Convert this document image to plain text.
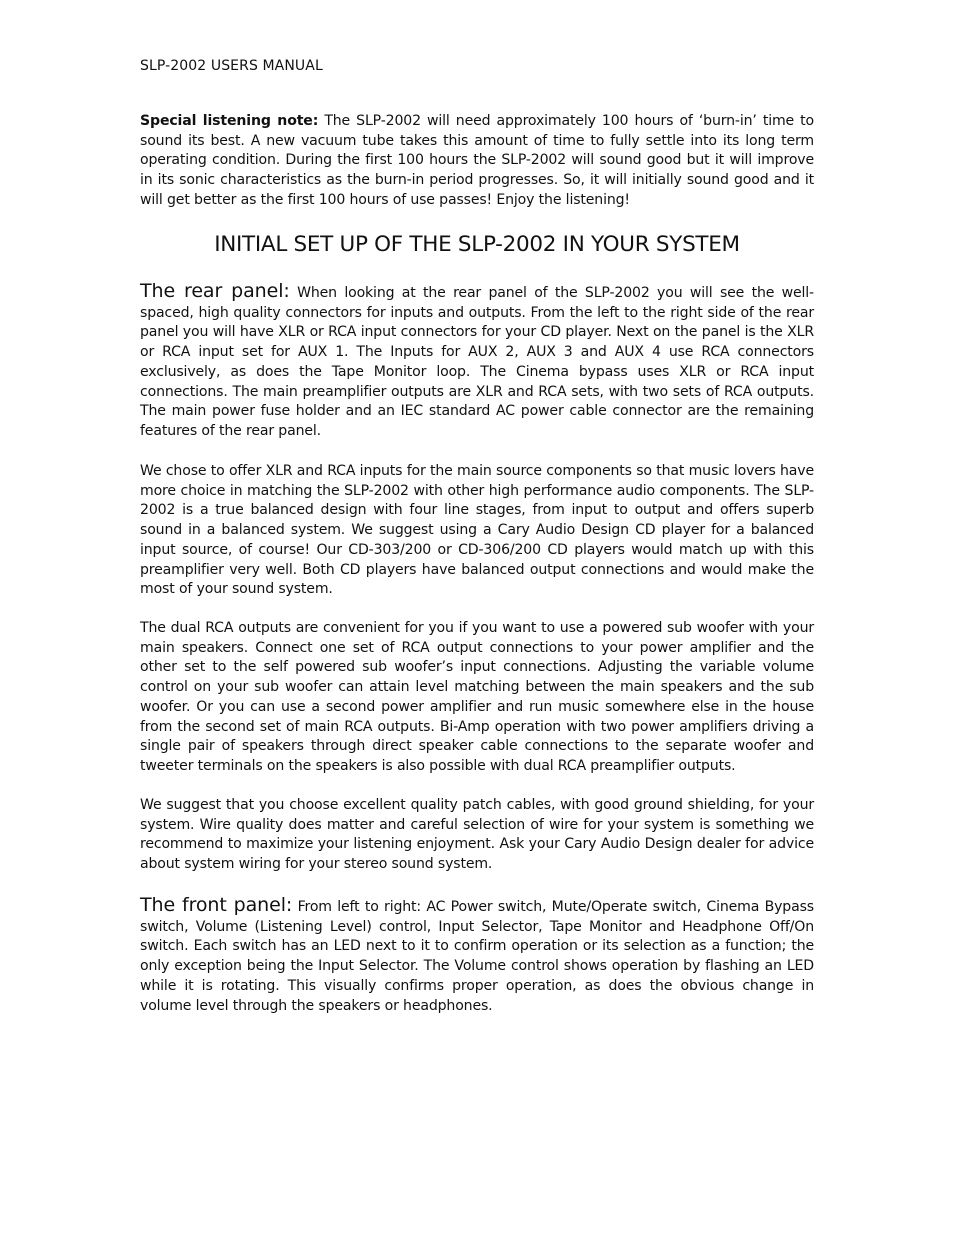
SLP-2002 USERS MANUAL

Special listening note: The SLP-2002 will need approximately 100 hours of ‘burn-in’ time to sound its best. A new vacuum tube takes this amount of time to fully settle into its long term operating condition. During the first 100 hours the SLP-2002 will sound good but it will improve in its sonic characteristics as the burn-in period progresses. So, it will initially sound good and it will get better as the first 100 hours of use passes! Enjoy the listening!

INITIAL SET UP OF THE SLP-2002 IN YOUR SYSTEM

The rear panel: When looking at the rear panel of the SLP-2002 you will see the well-spaced, high quality connectors for inputs and outputs. From the left to the right side of the rear panel you will have XLR or RCA input connectors for your CD player. Next on the panel is the XLR or RCA input set for AUX 1. The Inputs for AUX 2, AUX 3 and AUX 4 use RCA connectors exclusively, as does the Tape Monitor loop. The Cinema bypass uses XLR or RCA input connections. The main preamplifier outputs are XLR and RCA sets, with two sets of RCA outputs. The main power fuse holder and an IEC standard AC power cable connector are the remaining features of the rear panel.

We chose to offer XLR and RCA inputs for the main source components so that music lovers have more choice in matching the SLP-2002 with other high performance audio components. The SLP-2002 is a true balanced design with four line stages, from input to output and offers superb sound in a balanced system. We suggest using a Cary Audio Design CD player for a balanced input source, of course! Our CD-303/200 or CD-306/200 CD players would match up with this preamplifier very well. Both CD players have balanced output connections and would make the most of your sound system.

The dual RCA outputs are convenient for you if you want to use a powered sub woofer with your main speakers. Connect one set of RCA output connections to your power amplifier and the other set to the self powered sub woofer’s input connections. Adjusting the variable volume control on your sub woofer can attain level matching between the main speakers and the sub woofer. Or you can use a second power amplifier and run music somewhere else in the house from the second set of main RCA outputs. Bi-Amp operation with two power amplifiers driving a single pair of speakers through direct speaker cable connections to the separate woofer and tweeter terminals on the speakers is also possible with dual RCA preamplifier outputs.

We suggest that you choose excellent quality patch cables, with good ground shielding, for your system. Wire quality does matter and careful selection of wire for your system is something we recommend to maximize your listening enjoyment. Ask your Cary Audio Design dealer for advice about system wiring for your stereo sound system.

The front panel: From left to right: AC Power switch, Mute/Operate switch, Cinema Bypass switch, Volume (Listening Level) control, Input Selector, Tape Monitor and Headphone Off/On switch. Each switch has an LED next to it to confirm operation or its selection as a function; the only exception being the Input Selector. The Volume control shows operation by flashing an LED while it is rotating. This visually confirms proper operation, as does the obvious change in volume level through the speakers or headphones.
